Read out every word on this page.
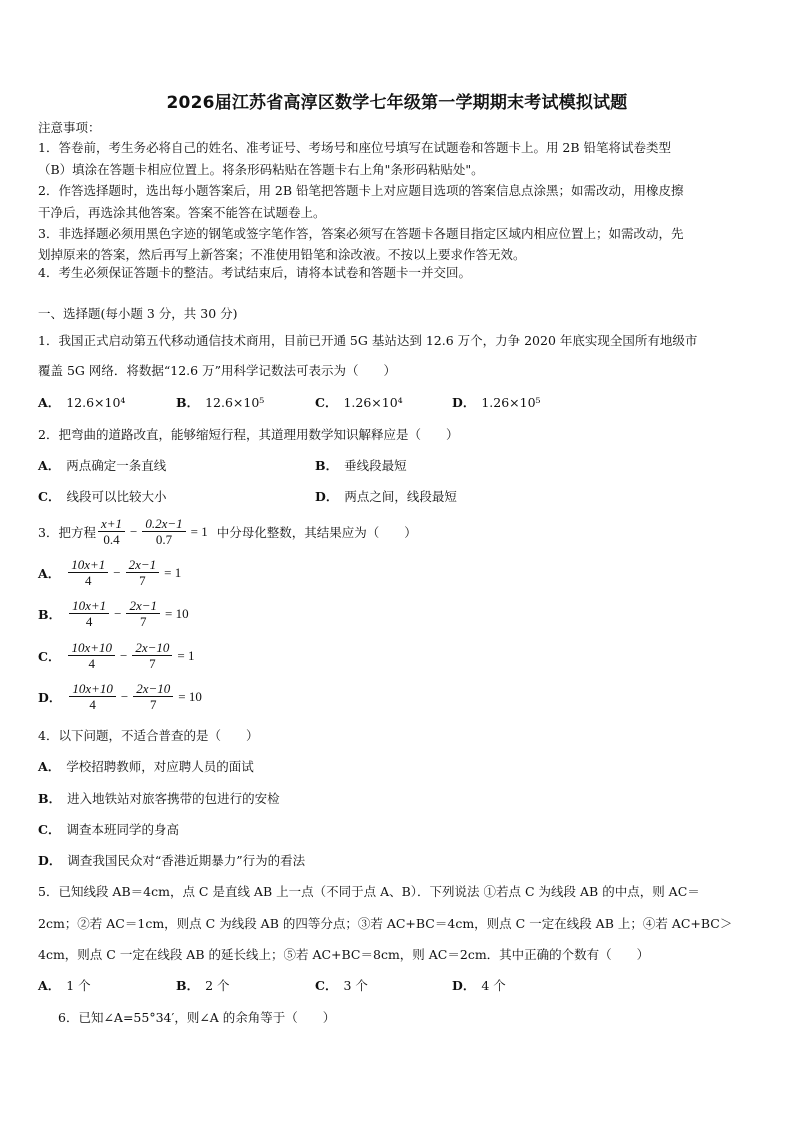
2026届江苏省高淳区数学七年级第一学期期末考试模拟试题
注意事项：
1．答卷前，考生务必将自己的姓名、准考证号、考场号和座位号填写在试题卷和答题卡上。用 2B 铅笔将试卷类型
（B）填涂在答题卡相应位置上。将条形码粘贴在答题卡右上角"条形码粘贴处"。
2．作答选择题时，选出每小题答案后，用 2B 铅笔把答题卡上对应题目选项的答案信息点涂黑；如需改动，用橡皮擦
干净后，再选涂其他答案。答案不能答在试题卷上。
3．非选择题必须用黑色字迹的钢笔或签字笔作答，答案必须写在答题卡各题目指定区域内相应位置上；如需改动，先
划掉原来的答案，然后再写上新答案；不准使用铅笔和涂改液。不按以上要求作答无效。
4．考生必须保证答题卡的整洁。考试结束后，请将本试卷和答题卡一并交回。
一、选择题(每小题 3 分，共 30 分)
1．我国正式启动第五代移动通信技术商用，目前已开通 5G 基站达到 12.6 万个，力争 2020 年底实现全国所有地级市
覆盖 5G 网络．将数据“12.6 万”用科学记数法可表示为（　　）
A． 12.6×10⁴	B． 12.6×10⁵	C． 1.26×10⁴	D． 1.26×10⁵
2．把弯曲的道路改直，能够缩短行程，其道理用数学知识解释应是（　　）
A． 两点确定一条直线	B． 垂线段最短
C． 线段可以比较大小	D． 两点之间，线段最短
3．把方程 $\frac{x+1}{0.4} - \frac{0.2x-1}{0.7} = 1$ 中分母化整数，其结果应为（　　）
A． $\frac{10x+1}{4} - \frac{2x-1}{7} = 1$
B． $\frac{10x+1}{4} - \frac{2x-1}{7} = 10$
C． $\frac{10x+10}{4} - \frac{2x-10}{7} = 1$
D． $\frac{10x+10}{4} - \frac{2x-10}{7} = 10$
4．以下问题，不适合普查的是（　　）
A． 学校招聘教师，对应聘人员的面试
B． 进入地铁站对旅客携带的包进行的安检
C． 调查本班同学的身高
D． 调查我国民众对“香港近期暴力”行为的看法
5．已知线段 AB＝4cm，点 C 是直线 AB 上一点（不同于点 A、B）．下列说法 ①若点 C 为线段 AB 的中点，则 AC＝
2cm；②若 AC＝1cm，则点 C 为线段 AB 的四等分点；③若 AC+BC＝4cm，则点 C 一定在线段 AB 上；④若 AC+BC＞
4cm，则点 C 一定在线段 AB 的延长线上；⑤若 AC+BC＝8cm，则 AC＝2cm．其中正确的个数有（　　）
A． 1 个	B． 2 个	C． 3 个	D． 4 个
6．已知∠A=55°34′，则∠A 的余角等于（　　）
